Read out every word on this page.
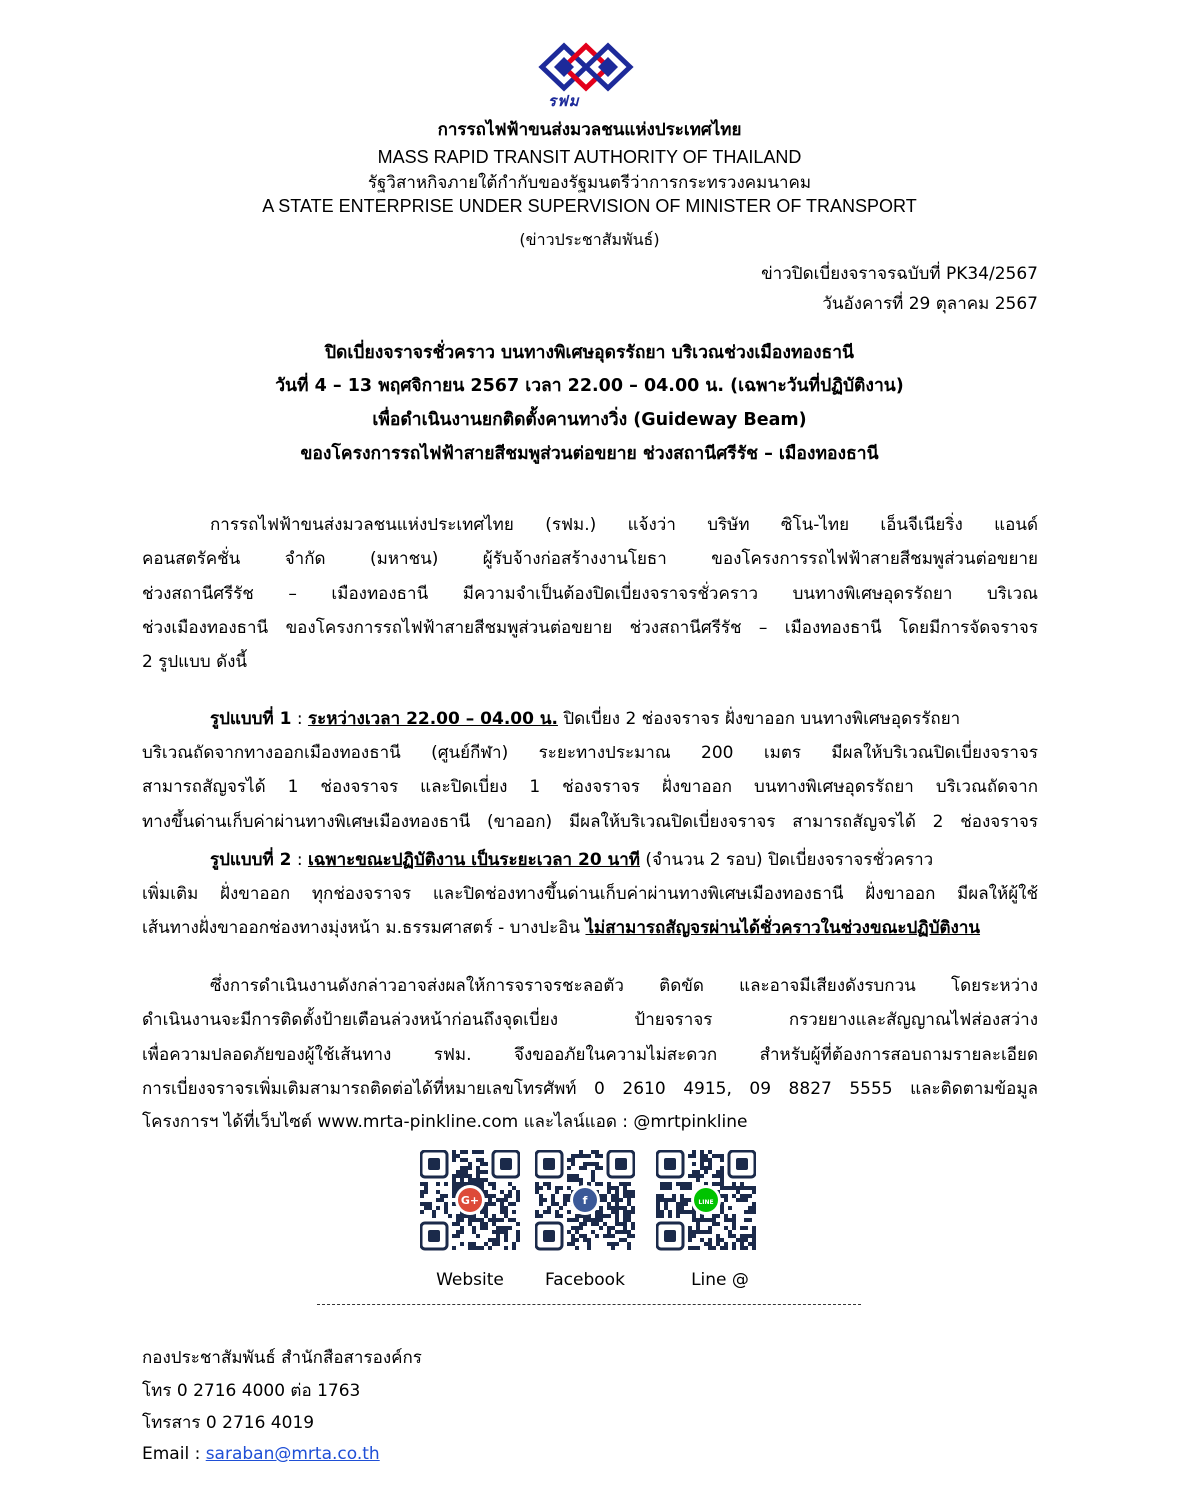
รฟม
การรถไฟฟ้าขนส่งมวลชนแห่งประเทศไทย
MASS RAPID TRANSIT AUTHORITY OF THAILAND
รัฐวิสาหกิจภายใต้กำกับของรัฐมนตรีว่าการกระทรวงคมนาคม
A STATE ENTERPRISE UNDER SUPERVISION OF MINISTER OF TRANSPORT
(ข่าวประชาสัมพันธ์)
ข่าวปิดเบี่ยงจราจรฉบับที่ PK34/2567
วันอังคารที่ 29 ตุลาคม 2567
ปิดเบี่ยงจราจรชั่วคราว บนทางพิเศษอุดรรัถยา บริเวณช่วงเมืองทองธานี
วันที่ 4 – 13 พฤศจิกายน 2567 เวลา 22.00 – 04.00 น. (เฉพาะวันที่ปฏิบัติงาน)
เพื่อดำเนินงานยกติดตั้งคานทางวิ่ง (Guideway Beam)
ของโครงการรถไฟฟ้าสายสีชมพูส่วนต่อขยาย ช่วงสถานีศรีรัช – เมืองทองธานี
การรถไฟฟ้าขนส่งมวลชนแห่งประเทศไทย (รฟม.) แจ้งว่า บริษัท ซิโน-ไทย เอ็นจีเนียริ่ง แอนด์
คอนสตรัคชั่น จำกัด (มหาชน) ผู้รับจ้างก่อสร้างงานโยธา ของโครงการรถไฟฟ้าสายสีชมพูส่วนต่อขยาย
ช่วงสถานีศรีรัช – เมืองทองธานี มีความจำเป็นต้องปิดเบี่ยงจราจรชั่วคราว บนทางพิเศษอุดรรัถยา บริเวณ
ช่วงเมืองทองธานี ของโครงการรถไฟฟ้าสายสีชมพูส่วนต่อขยาย ช่วงสถานีศรีรัช – เมืองทองธานี โดยมีการจัดจราจร
2 รูปแบบ ดังนี้
รูปแบบที่ 1 : ระหว่างเวลา 22.00 – 04.00 น. ปิดเบี่ยง 2 ช่องจราจร ฝั่งขาออก บนทางพิเศษอุดรรัถยา
บริเวณถัดจากทางออกเมืองทองธานี (ศูนย์กีฬา) ระยะทางประมาณ 200 เมตร มีผลให้บริเวณปิดเบี่ยงจราจร
สามารถสัญจรได้ 1 ช่องจราจร และปิดเบี่ยง 1 ช่องจราจร ฝั่งขาออก บนทางพิเศษอุดรรัถยา บริเวณถัดจาก
ทางขึ้นด่านเก็บค่าผ่านทางพิเศษเมืองทองธานี (ขาออก) มีผลให้บริเวณปิดเบี่ยงจราจร สามารถสัญจรได้ 2 ช่องจราจร
รูปแบบที่ 2 : เฉพาะขณะปฏิบัติงาน เป็นระยะเวลา 20 นาที (จำนวน 2 รอบ) ปิดเบี่ยงจราจรชั่วคราว
เพิ่มเติม ฝั่งขาออก ทุกช่องจราจร และปิดช่องทางขึ้นด่านเก็บค่าผ่านทางพิเศษเมืองทองธานี ฝั่งขาออก มีผลให้ผู้ใช้
เส้นทางฝั่งขาออกช่องทางมุ่งหน้า ม.ธรรมศาสตร์ - บางปะอิน ไม่สามารถสัญจรผ่านได้ชั่วคราวในช่วงขณะปฏิบัติงาน
ซึ่งการดำเนินงานดังกล่าวอาจส่งผลให้การจราจรชะลอตัว ติดขัด และอาจมีเสียงดังรบกวน โดยระหว่าง
ดำเนินงานจะมีการติดตั้งป้ายเตือนล่วงหน้าก่อนถึงจุดเบี่ยง ป้ายจราจร กรวยยางและสัญญาณไฟส่องสว่าง
เพื่อความปลอดภัยของผู้ใช้เส้นทาง รฟม. จึงขออภัยในความไม่สะดวก สำหรับผู้ที่ต้องการสอบถามรายละเอียด
การเบี่ยงจราจรเพิ่มเติมสามารถติดต่อได้ที่หมายเลขโทรศัพท์ 0 2610 4915, 09 8827 5555 และติดตามข้อมูล
โครงการฯ ได้ที่เว็บไซต์ www.mrta-pinkline.com และไลน์แอด : @mrtpinkline
G+	f	LINE
Website	Facebook	Line @
กองประชาสัมพันธ์ สำนักสือสารองค์กร
โทร 0 2716 4000 ต่อ 1763
โทรสาร 0 2716 4019
Email : saraban@mrta.co.th
